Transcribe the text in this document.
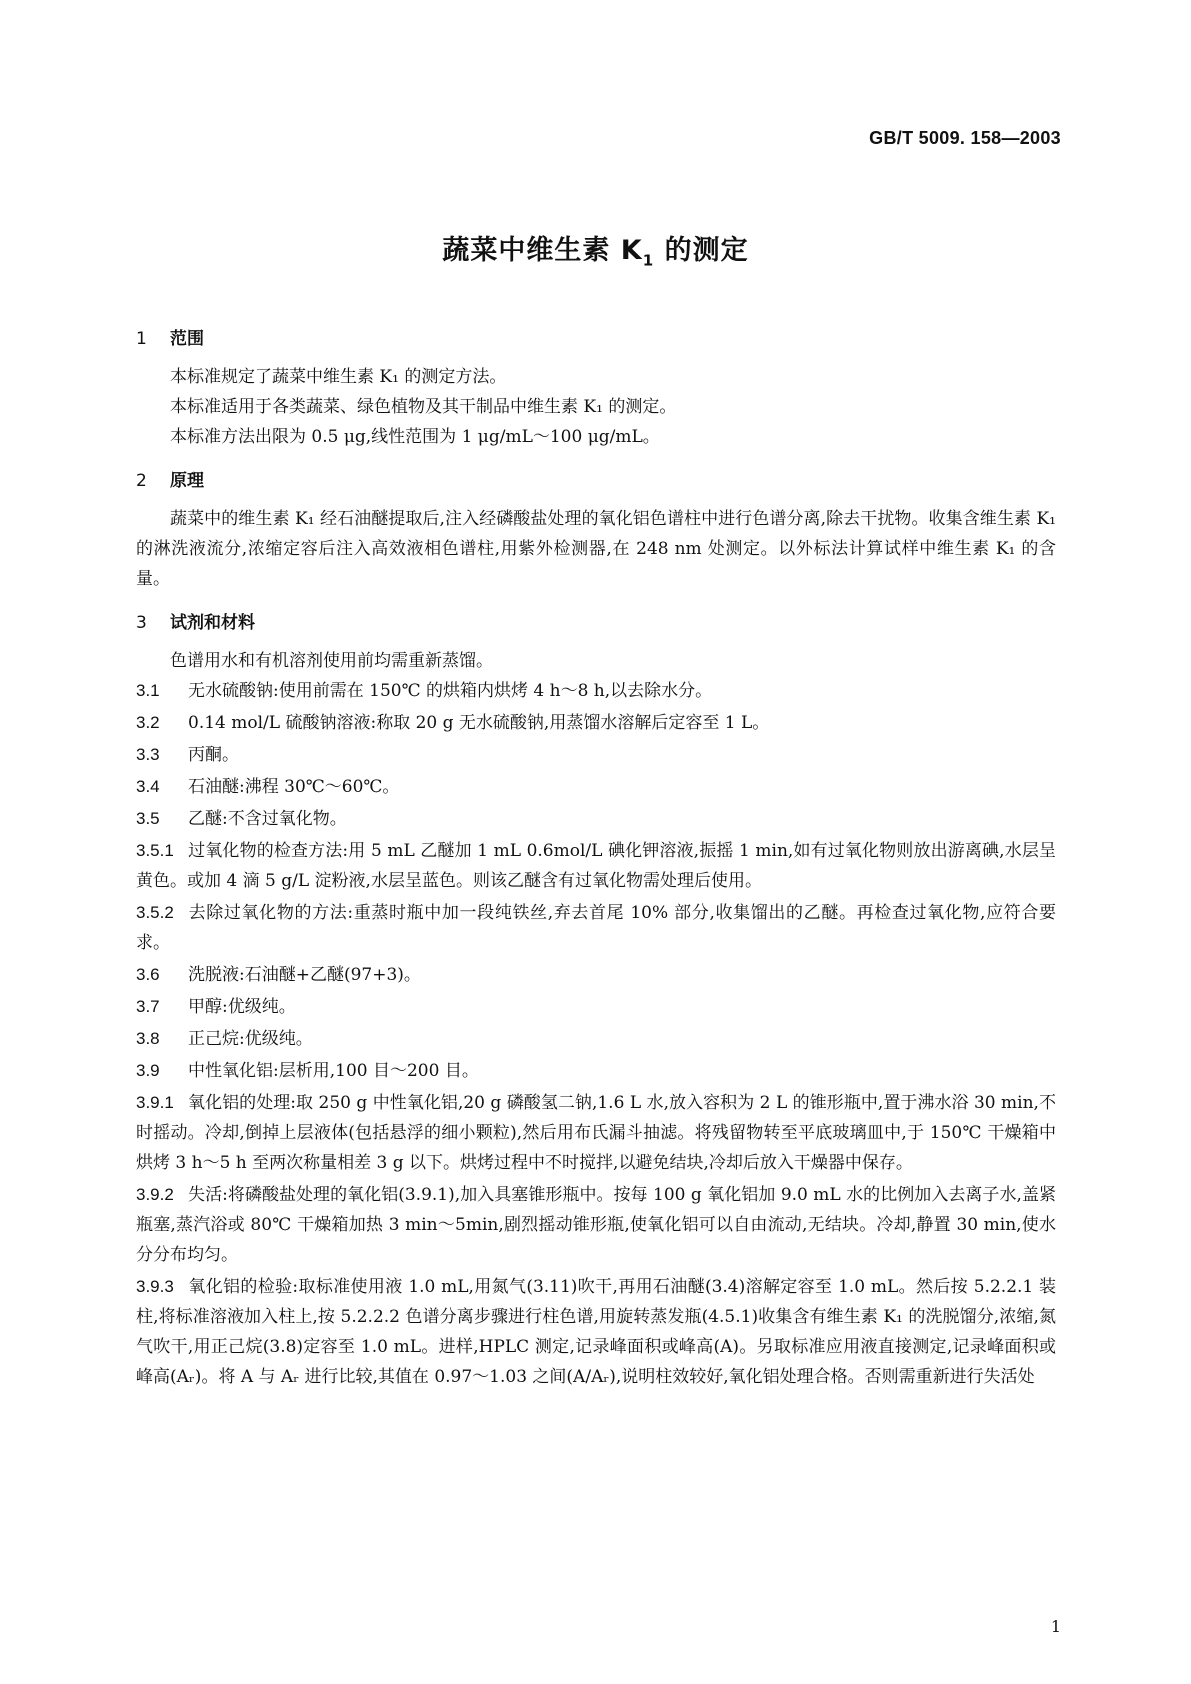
GB/T 5009. 158—2003
蔬菜中维生素 $K_1$ 的测定
1 范围

本标准规定了蔬菜中维生素 K₁ 的测定方法。

本标准适用于各类蔬菜、绿色植物及其干制品中维生素 K₁ 的测定。

本标准方法出限为 0.5 μg,线性范围为 1 μg/mL～100 μg/mL。

2 原理

蔬菜中的维生素 K₁ 经石油醚提取后,注入经磷酸盐处理的氧化铝色谱柱中进行色谱分离,除去干扰物。收集含维生素 K₁ 的淋洗液流分,浓缩定容后注入高效液相色谱柱,用紫外检测器,在 248 nm 处测定。以外标法计算试样中维生素 K₁ 的含量。

3 试剂和材料

色谱用水和有机溶剂使用前均需重新蒸馏。

3.1 无水硫酸钠:使用前需在 150℃ 的烘箱内烘烤 4 h～8 h,以去除水分。

3.2 0.14 mol/L 硫酸钠溶液:称取 20 g 无水硫酸钠,用蒸馏水溶解后定容至 1 L。

3.3 丙酮。

3.4 石油醚:沸程 30℃～60℃。

3.5 乙醚:不含过氧化物。

3.5.1 过氧化物的检查方法:用 5 mL 乙醚加 1 mL 0.6mol/L 碘化钾溶液,振摇 1 min,如有过氧化物则放出游离碘,水层呈黄色。或加 4 滴 5 g/L 淀粉液,水层呈蓝色。则该乙醚含有过氧化物需处理后使用。

3.5.2 去除过氧化物的方法:重蒸时瓶中加一段纯铁丝,弃去首尾 10% 部分,收集馏出的乙醚。再检查过氧化物,应符合要求。

3.6 洗脱液:石油醚+乙醚(97+3)。

3.7 甲醇:优级纯。

3.8 正己烷:优级纯。

3.9 中性氧化铝:层析用,100 目～200 目。

3.9.1 氧化铝的处理:取 250 g 中性氧化铝,20 g 磷酸氢二钠,1.6 L 水,放入容积为 2 L 的锥形瓶中,置于沸水浴 30 min,不时摇动。冷却,倒掉上层液体(包括悬浮的细小颗粒),然后用布氏漏斗抽滤。将残留物转至平底玻璃皿中,于 150℃ 干燥箱中烘烤 3 h～5 h 至两次称量相差 3 g 以下。烘烤过程中不时搅拌,以避免结块,冷却后放入干燥器中保存。

3.9.2 失活:将磷酸盐处理的氧化铝(3.9.1),加入具塞锥形瓶中。按每 100 g 氧化铝加 9.0 mL 水的比例加入去离子水,盖紧瓶塞,蒸汽浴或 80℃ 干燥箱加热 3 min～5min,剧烈摇动锥形瓶,使氧化铝可以自由流动,无结块。冷却,静置 30 min,使水分分布均匀。

3.9.3 氧化铝的检验:取标准使用液 1.0 mL,用氮气(3.11)吹干,再用石油醚(3.4)溶解定容至 1.0 mL。然后按 5.2.2.1 装柱,将标准溶液加入柱上,按 5.2.2.2 色谱分离步骤进行柱色谱,用旋转蒸发瓶(4.5.1)收集含有维生素 K₁ 的洗脱馏分,浓缩,氮气吹干,用正己烷(3.8)定容至 1.0 mL。进样,HPLC 测定,记录峰面积或峰高(A)。另取标准应用液直接测定,记录峰面积或峰高(Aᵣ)。将 A 与 Aᵣ 进行比较,其值在 0.97～1.03 之间(A/Aᵣ),说明柱效较好,氧化铝处理合格。否则需重新进行失活处

1
